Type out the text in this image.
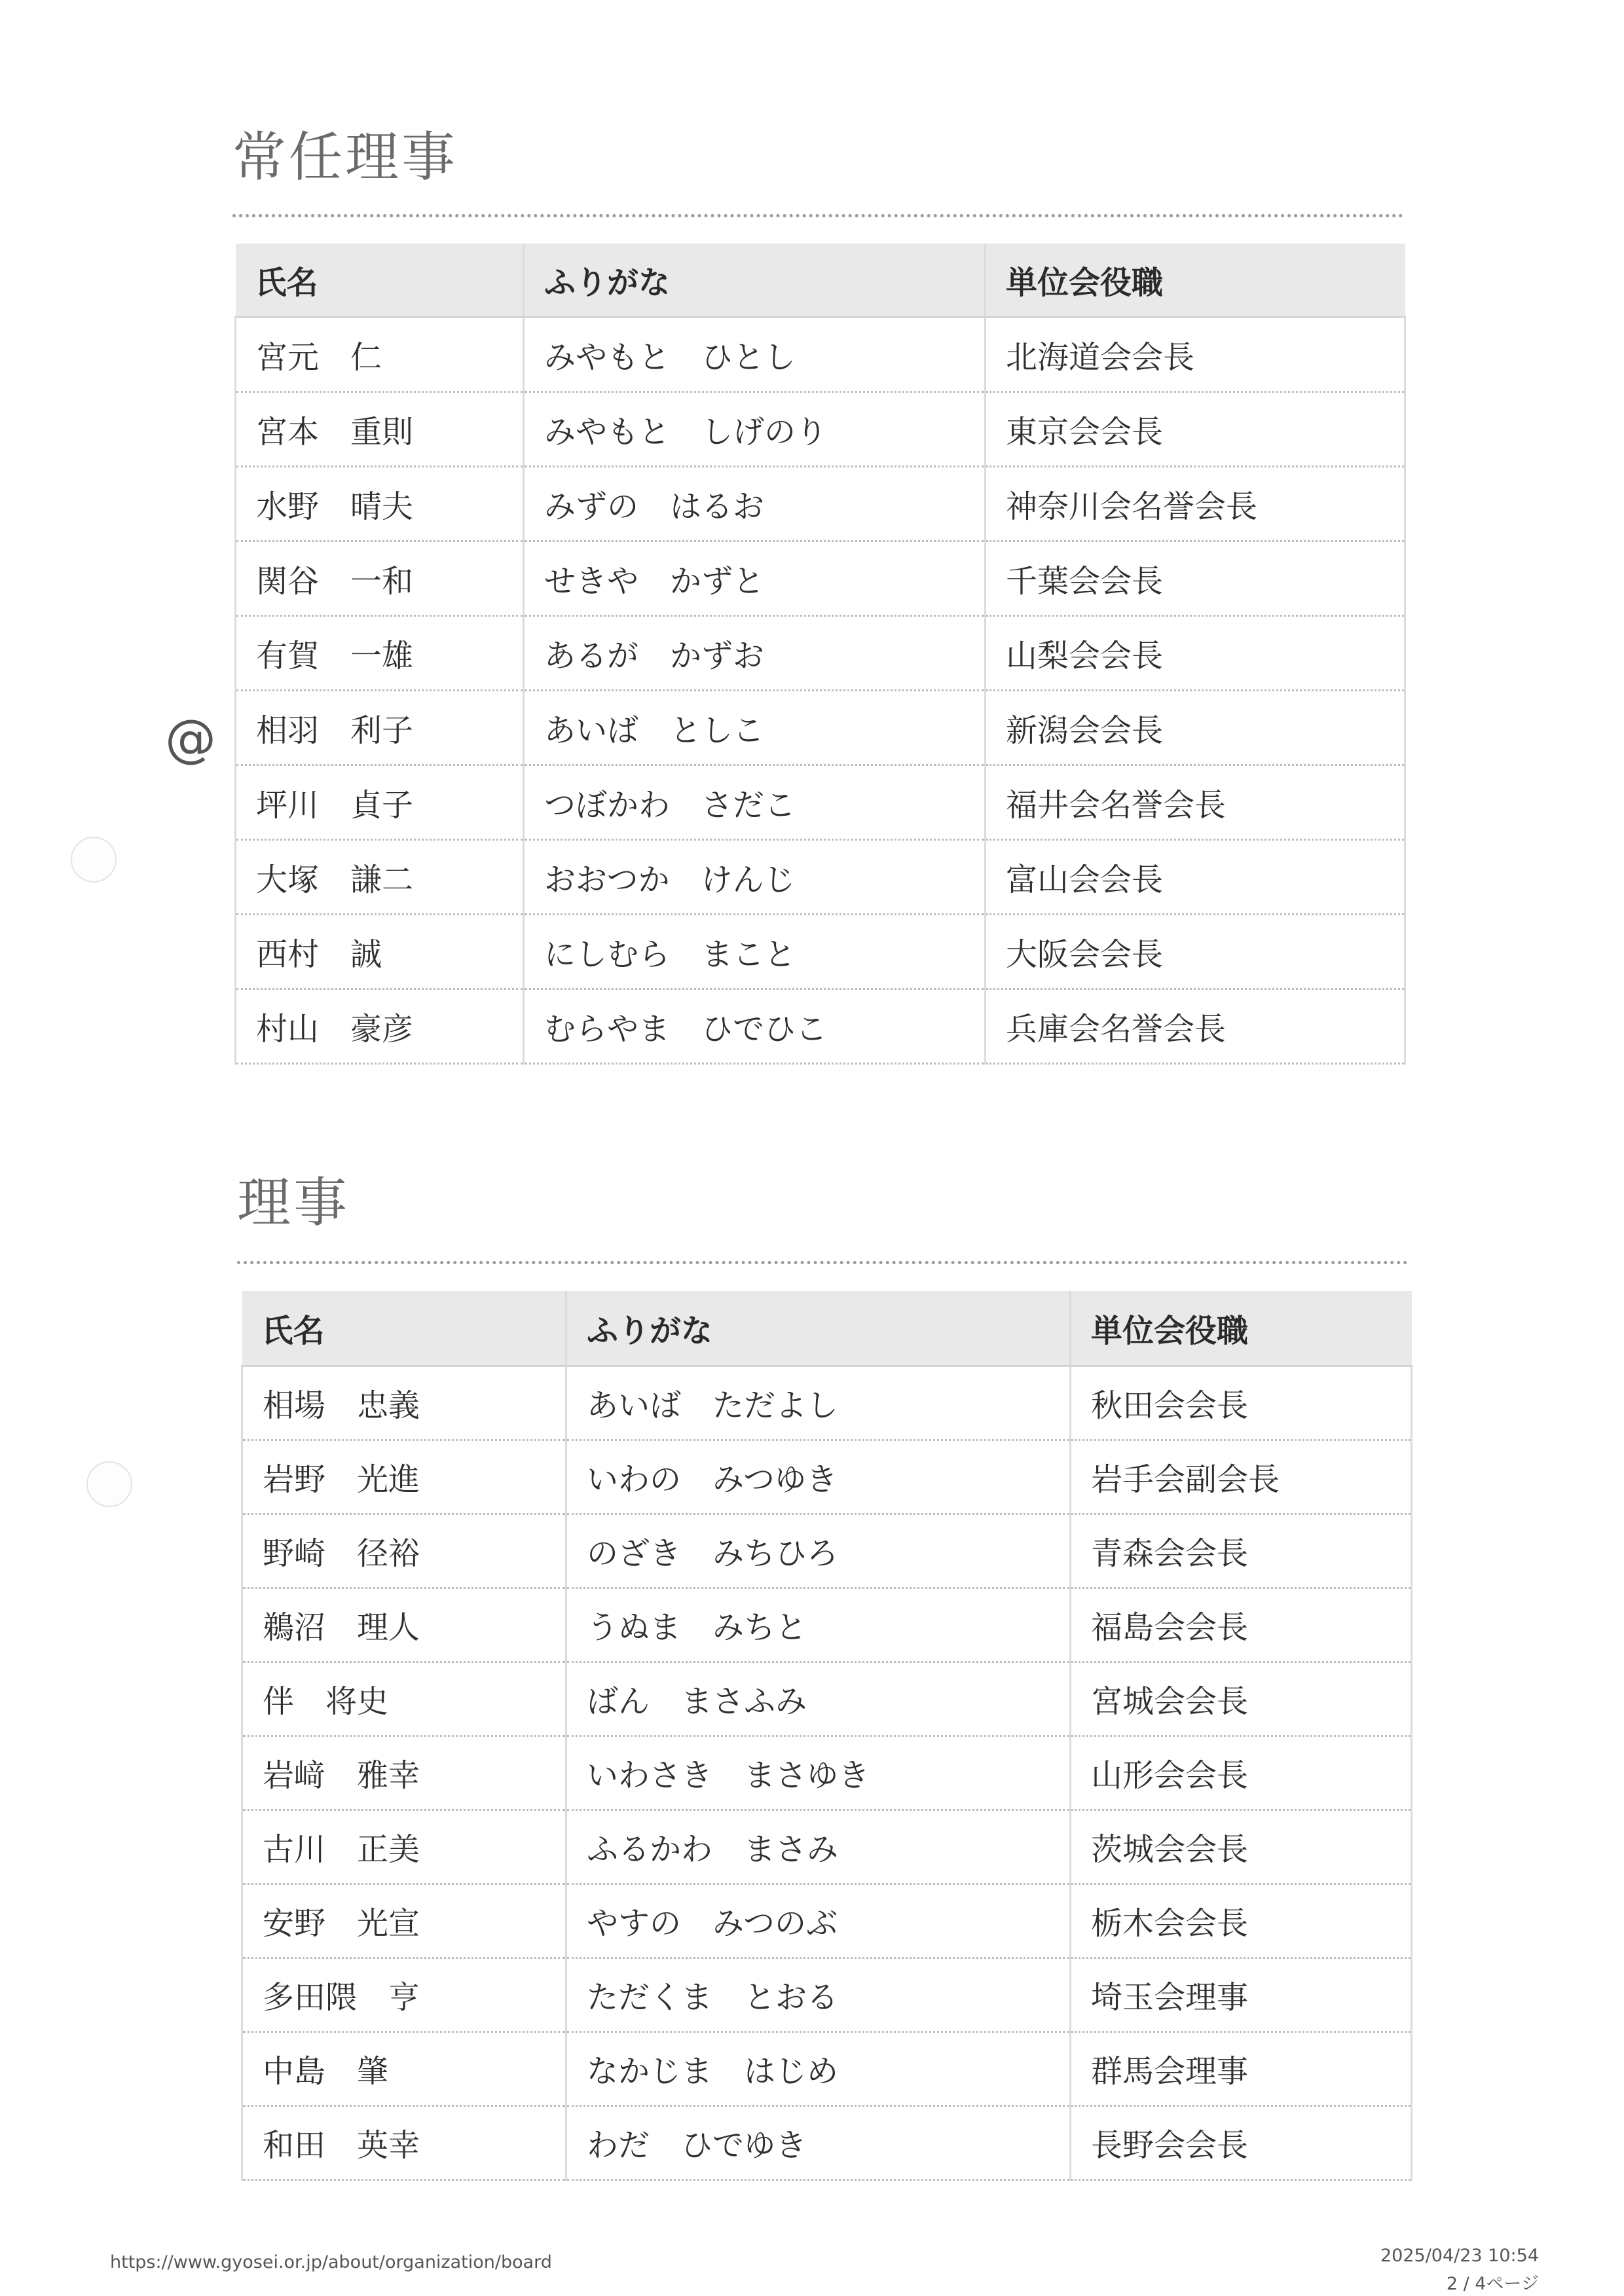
常任理事
氏名	ふりがな	単位会役職
宮元　仁	みやもと　ひとし	北海道会会長
宮本　重則	みやもと　しげのり	東京会会長
水野　晴夫	みずの　はるお	神奈川会名誉会長
関谷　一和	せきや　かずと	千葉会会長
有賀　一雄	あるが　かずお	山梨会会長
相羽　利子	あいば　としこ	新潟会会長
坪川　貞子	つぼかわ　さだこ	福井会名誉会長
大塚　謙二	おおつか　けんじ	富山会会長
西村　誠	にしむら　まこと	大阪会会長
村山　豪彦	むらやま　ひでひこ	兵庫会名誉会長
@
理事
氏名	ふりがな	単位会役職
相場　忠義	あいば　ただよし	秋田会会長
岩野　光進	いわの　みつゆき	岩手会副会長
野崎　径裕	のざき　みちひろ	青森会会長
鵜沼　理人	うぬま　みちと	福島会会長
伴　将史	ばん　まさふみ	宮城会会長
岩﨑　雅幸	いわさき　まさゆき	山形会会長
古川　正美	ふるかわ　まさみ	茨城会会長
安野　光宣	やすの　みつのぶ	栃木会会長
多田隈　亨	ただくま　とおる	埼玉会理事
中島　肇	なかじま　はじめ	群馬会理事
和田　英幸	わだ　ひでゆき	長野会会長
https://www.gyosei.or.jp/about/organization/board	2025/04/23 10:54
2 / 4ページ
